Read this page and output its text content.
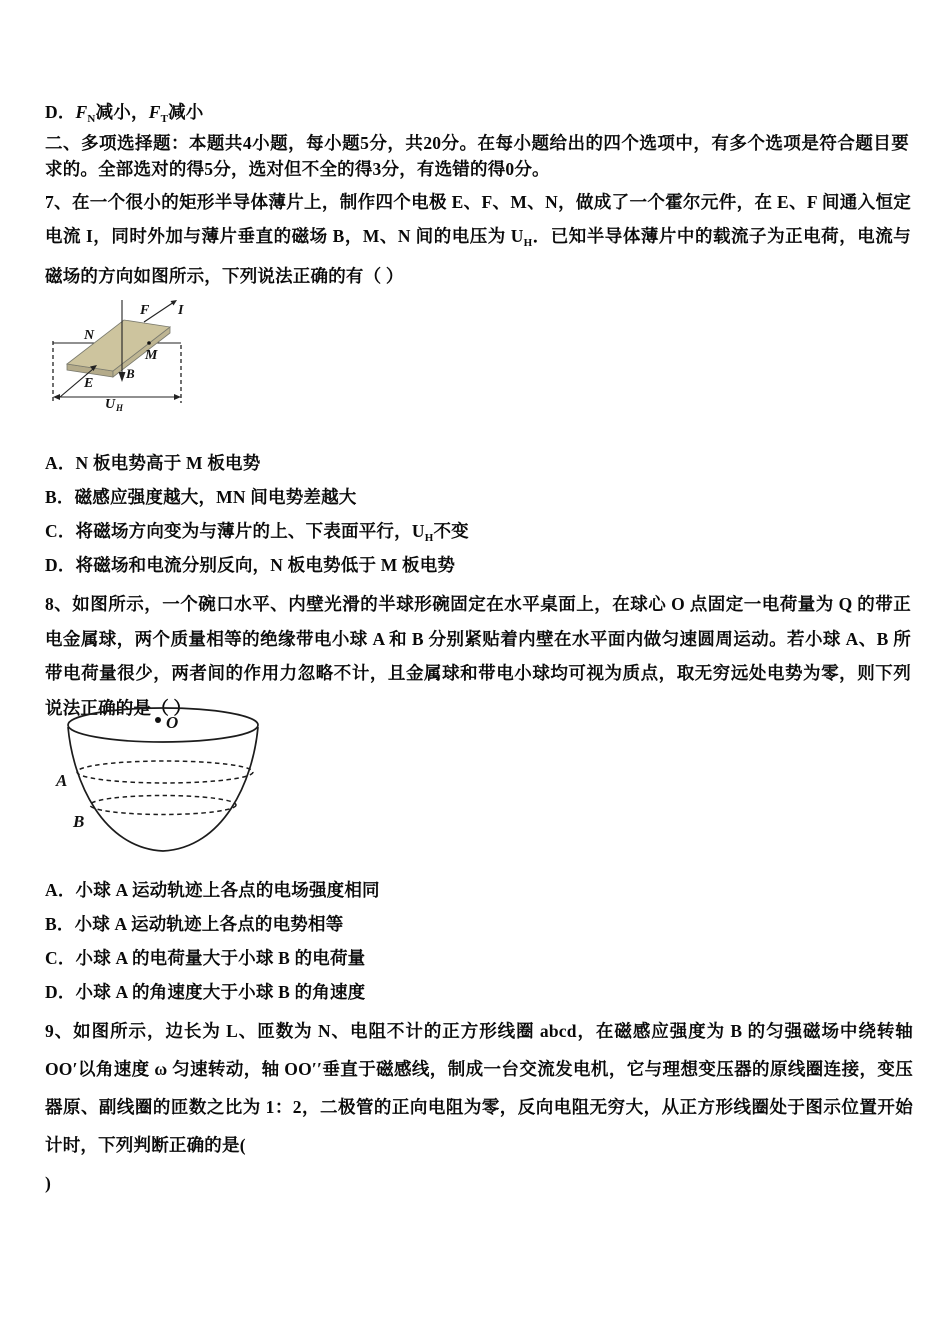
D．$F_N$减小，$F_T$减小
二、多项选择题：本题共4小题，每小题5分，共20分。在每小题给出的四个选项中，有多个选项是符合题目要求的。全部选对的得5分，选对但不全的得3分，有选错的得0分。
7、在一个很小的矩形半导体薄片上，制作四个电极 E、F、M、N，做成了一个霍尔元件，在 E、F 间通入恒定电流 I，同时外加与薄片垂直的磁场 B，M、N 间的电压为 $U_H$．已知半导体薄片中的载流子为正电荷，电流与磁场的方向如图所示，下列说法正确的有（ ）
F I
N
M
E
B
U H
A．N 板电势高于 M 板电势
B．磁感应强度越大，MN 间电势差越大
C．将磁场方向变为与薄片的上、下表面平行，$U_H$不变
D．将磁场和电流分别反向，N 板电势低于 M 板电势
8、如图所示，一个碗口水平、内壁光滑的半球形碗固定在水平桌面上，在球心 O 点固定一电荷量为 Q 的带正电金属球，两个质量相等的绝缘带电小球 A 和 B 分别紧贴着内壁在水平面内做匀速圆周运动。若小球 A、B 所带电荷量很少，两者间的作用力忽略不计，且金属球和带电小球均可视为质点，取无穷远处电势为零，则下列说法正确的是（ ）
O
A
B
A．小球 A 运动轨迹上各点的电场强度相同
B．小球 A 运动轨迹上各点的电势相等
C．小球 A 的电荷量大于小球 B 的电荷量
D．小球 A 的角速度大于小球 B 的角速度
9、如图所示，边长为 L、匝数为 N、电阻不计的正方形线圈 abcd，在磁感应强度为 B 的匀强磁场中绕转轴 OO′以角速度 ω 匀速转动，轴 OO′′垂直于磁感线，制成一台交流发电机，它与理想变压器的原线圈连接，变压器原、副线圈的匝数之比为 1：2，二极管的正向电阻为零，反向电阻无穷大，从正方形线圈处于图示位置开始计时，下列判断正确的是(
)
